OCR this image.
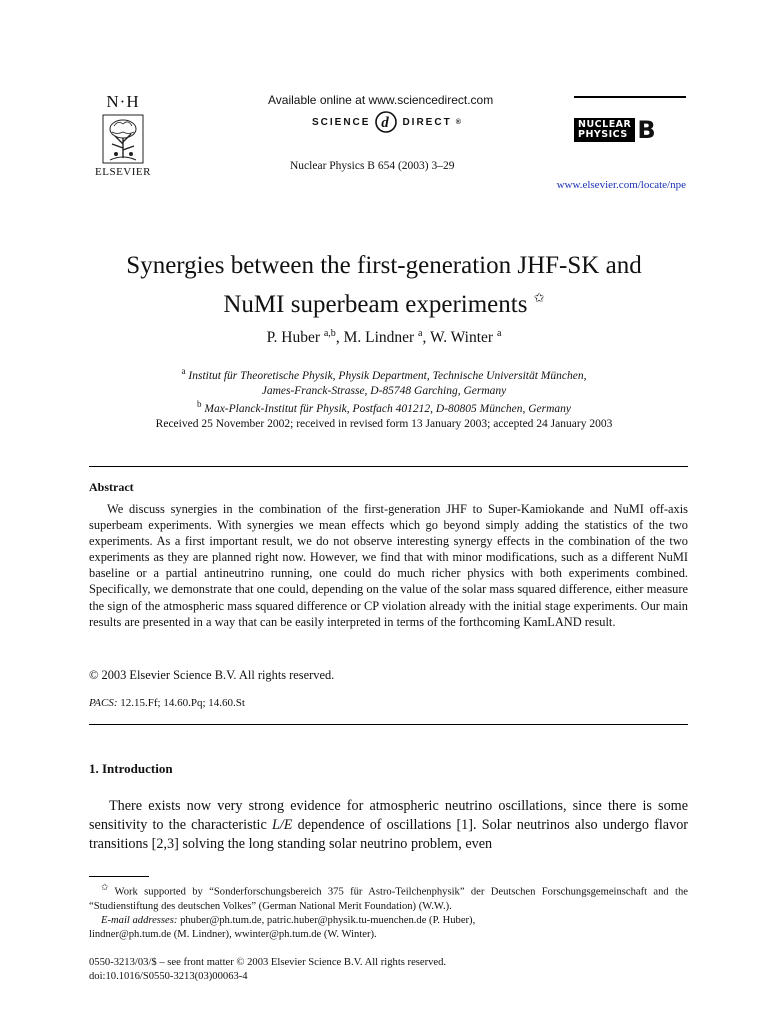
N·H
ELSEVIER
Available online at www.sciencedirect.com
SCIENCE d DIRECT ®
Nuclear Physics B 654 (2003) 3–29
NUCLEAR
PHYSICS B
www.elsevier.com/locate/npe
Synergies between the first-generation JHF-SK and
NuMI superbeam experiments ✩
P. Huber $^{a,b}$, M. Lindner $^a$, W. Winter $^a$
$^a$ Institut für Theoretische Physik, Physik Department, Technische Universität München,
James-Franck-Strasse, D-85748 Garching, Germany
$^b$ Max-Planck-Institut für Physik, Postfach 401212, D-80805 München, Germany
Received 25 November 2002; received in revised form 13 January 2003; accepted 24 January 2003
Abstract

We discuss synergies in the combination of the first-generation JHF to Super-Kamiokande and NuMI off-axis superbeam experiments. With synergies we mean effects which go beyond simply adding the statistics of the two experiments. As a first important result, we do not observe interesting synergy effects in the combination of the two experiments as they are planned right now. However, we find that with minor modifications, such as a different NuMI baseline or a partial antineutrino running, one could do much richer physics with both experiments combined. Specifically, we demonstrate that one could, depending on the value of the solar mass squared difference, either measure the sign of the atmospheric mass squared difference or CP violation already with the initial stage experiments. Our main results are presented in a way that can be easily interpreted in terms of the forthcoming KamLAND result.

© 2003 Elsevier Science B.V. All rights reserved.
PACS: 12.15.Ff; 14.60.Pq; 14.60.St
1. Introduction

There exists now very strong evidence for atmospheric neutrino oscillations, since there is some sensitivity to the characteristic L/E dependence of oscillations [1]. Solar neutrinos also undergo flavor transitions [2,3] solving the long standing solar neutrino problem, even

✩ Work supported by “Sonderforschungsbereich 375 für Astro-Teilchenphysik” der Deutschen Forschungsgemeinschaft and the “Studienstiftung des deutschen Volkes” (German National Merit Foundation) (W.W.).

E-mail addresses: phuber@ph.tum.de, patric.huber@physik.tu-muenchen.de (P. Huber),

lindner@ph.tum.de (M. Lindner), wwinter@ph.tum.de (W. Winter).

0550-3213/03/$ – see front matter © 2003 Elsevier Science B.V. All rights reserved.
doi:10.1016/S0550-3213(03)00063-4
